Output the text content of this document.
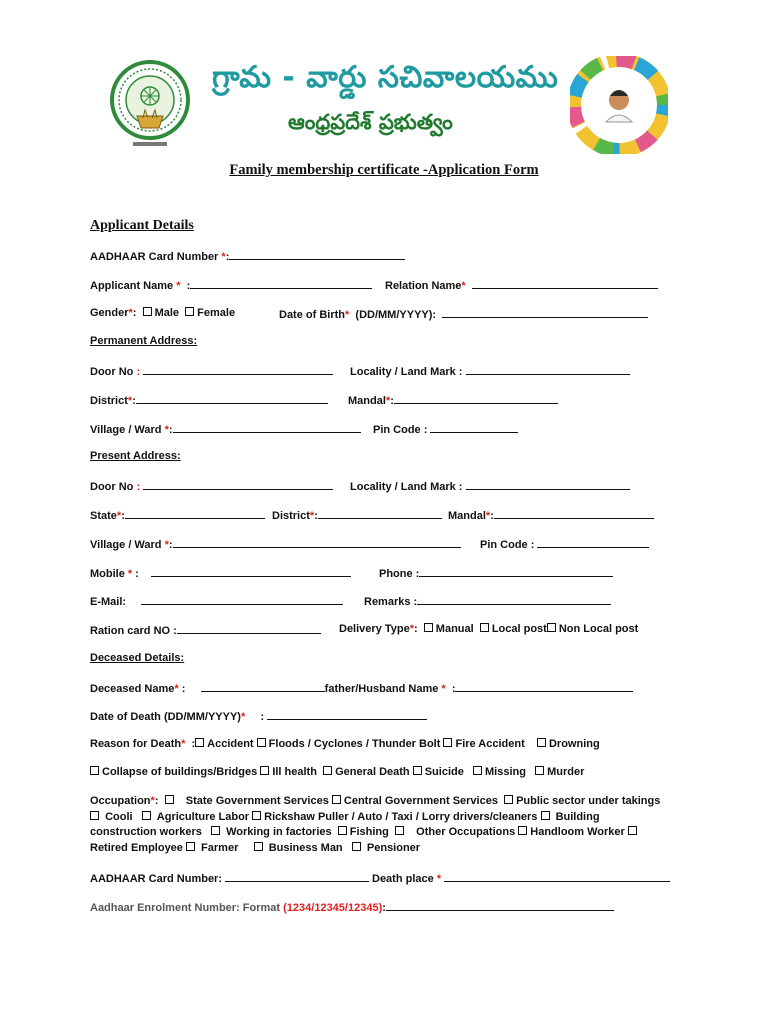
గ్రామ - వార్డు సచివాలయము
ఆంధ్రప్రదేశ్ ప్రభుత్వం
Family membership certificate -Application Form
Applicant Details
AADHAAR Card Number *:
Applicant Name *  :	Relation Name*
Gender*:  Male Female	Date of Birth* (DD/MM/YYYY):
Permanent Address:
Door No :	Locality / Land Mark :
District*:	Mandal*:
Village / Ward *:	Pin Code :
Present Address:
Door No :	Locality / Land Mark :
State*:	District*:	Mandal*:
Village / Ward *:	Pin Code :
Mobile * :	Phone :
E-Mail:	Remarks :
Ration card NO :	Delivery Type*:  Manual Local post Non Local post
Deceased Details:
Deceased Name* :	father/Husband Name *  :
Date of Death (DD/MM/YYYY)*     :
Reason for Death*  : Accident Floods / Cyclones / Thunder Bolt Fire Accident Drowning
Collapse of buildings/Bridges Ill health General Death Suicide Missing Murder
Occupation*:     State Government Services Central Government Services Public sector under takings
Cooli Agriculture Labor Rickshaw Puller / Auto / Taxi / Lorry drivers/cleaners Building
construction workers Working in factories Fishing Other Occupations Handloom Worker
Retired Employee Farmer	Business Man Pensioner
AADHAAR Card Number:	Death place *
Aadhaar Enrolment Number: Format (1234/12345/12345):
